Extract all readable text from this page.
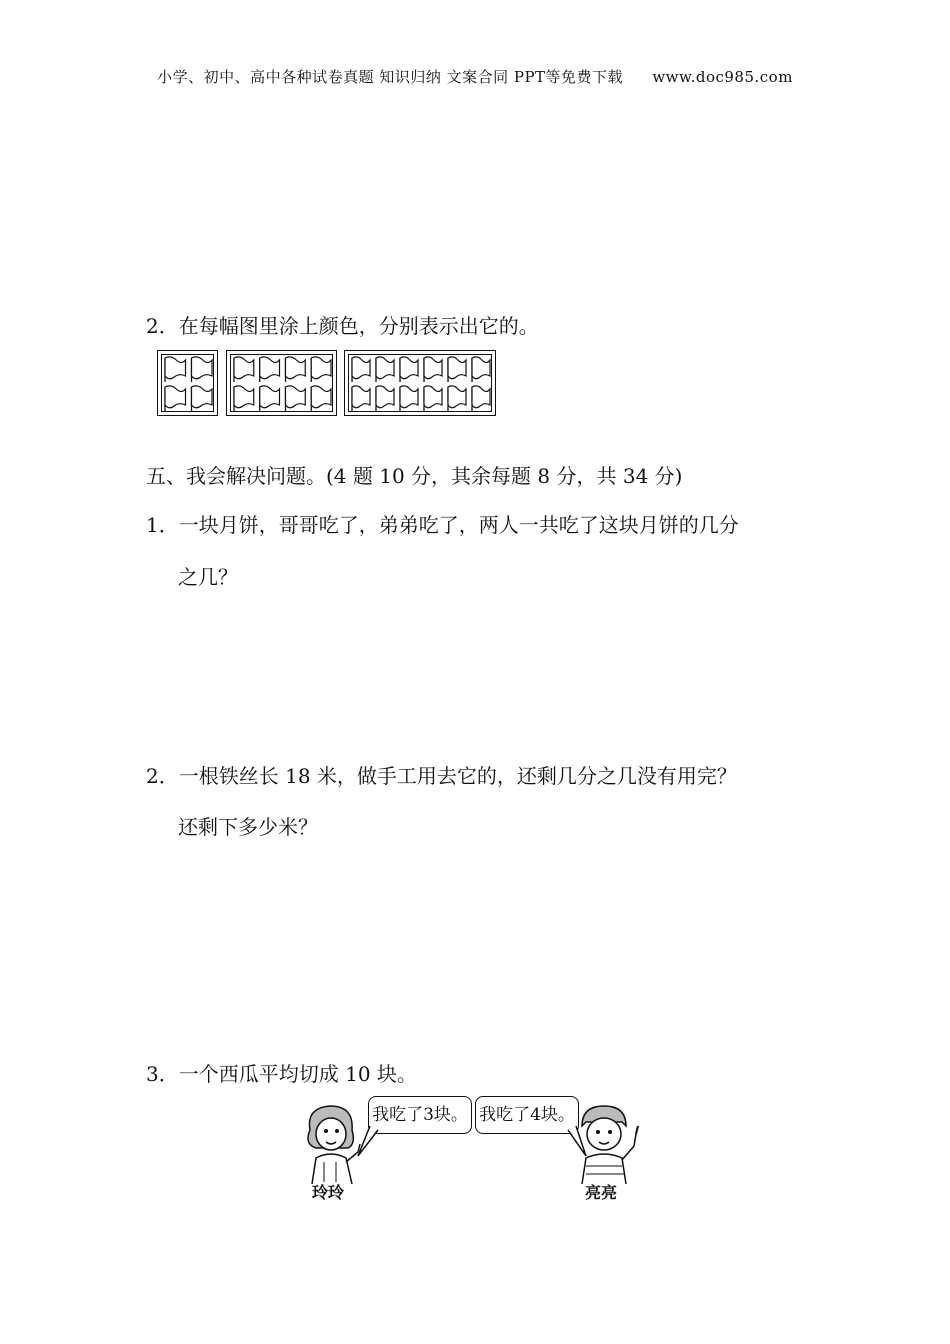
小学、初中、高中各种试卷真题 知识归纳 文案合同 PPT等免费下载 www.doc985.com
2．在每幅图里涂上颜色，分别表示出它的。
五、我会解决问题。(4 题 10 分，其余每题 8 分，共 34 分)
1．一块月饼，哥哥吃了，弟弟吃了，两人一共吃了这块月饼的几分
之几？
2．一根铁丝长 18 米，做手工用去它的，还剩几分之几没有用完？
还剩下多少米？
3．一个西瓜平均切成 10 块。
我吃了3块。 我吃了4块。
玲玲	亮亮
